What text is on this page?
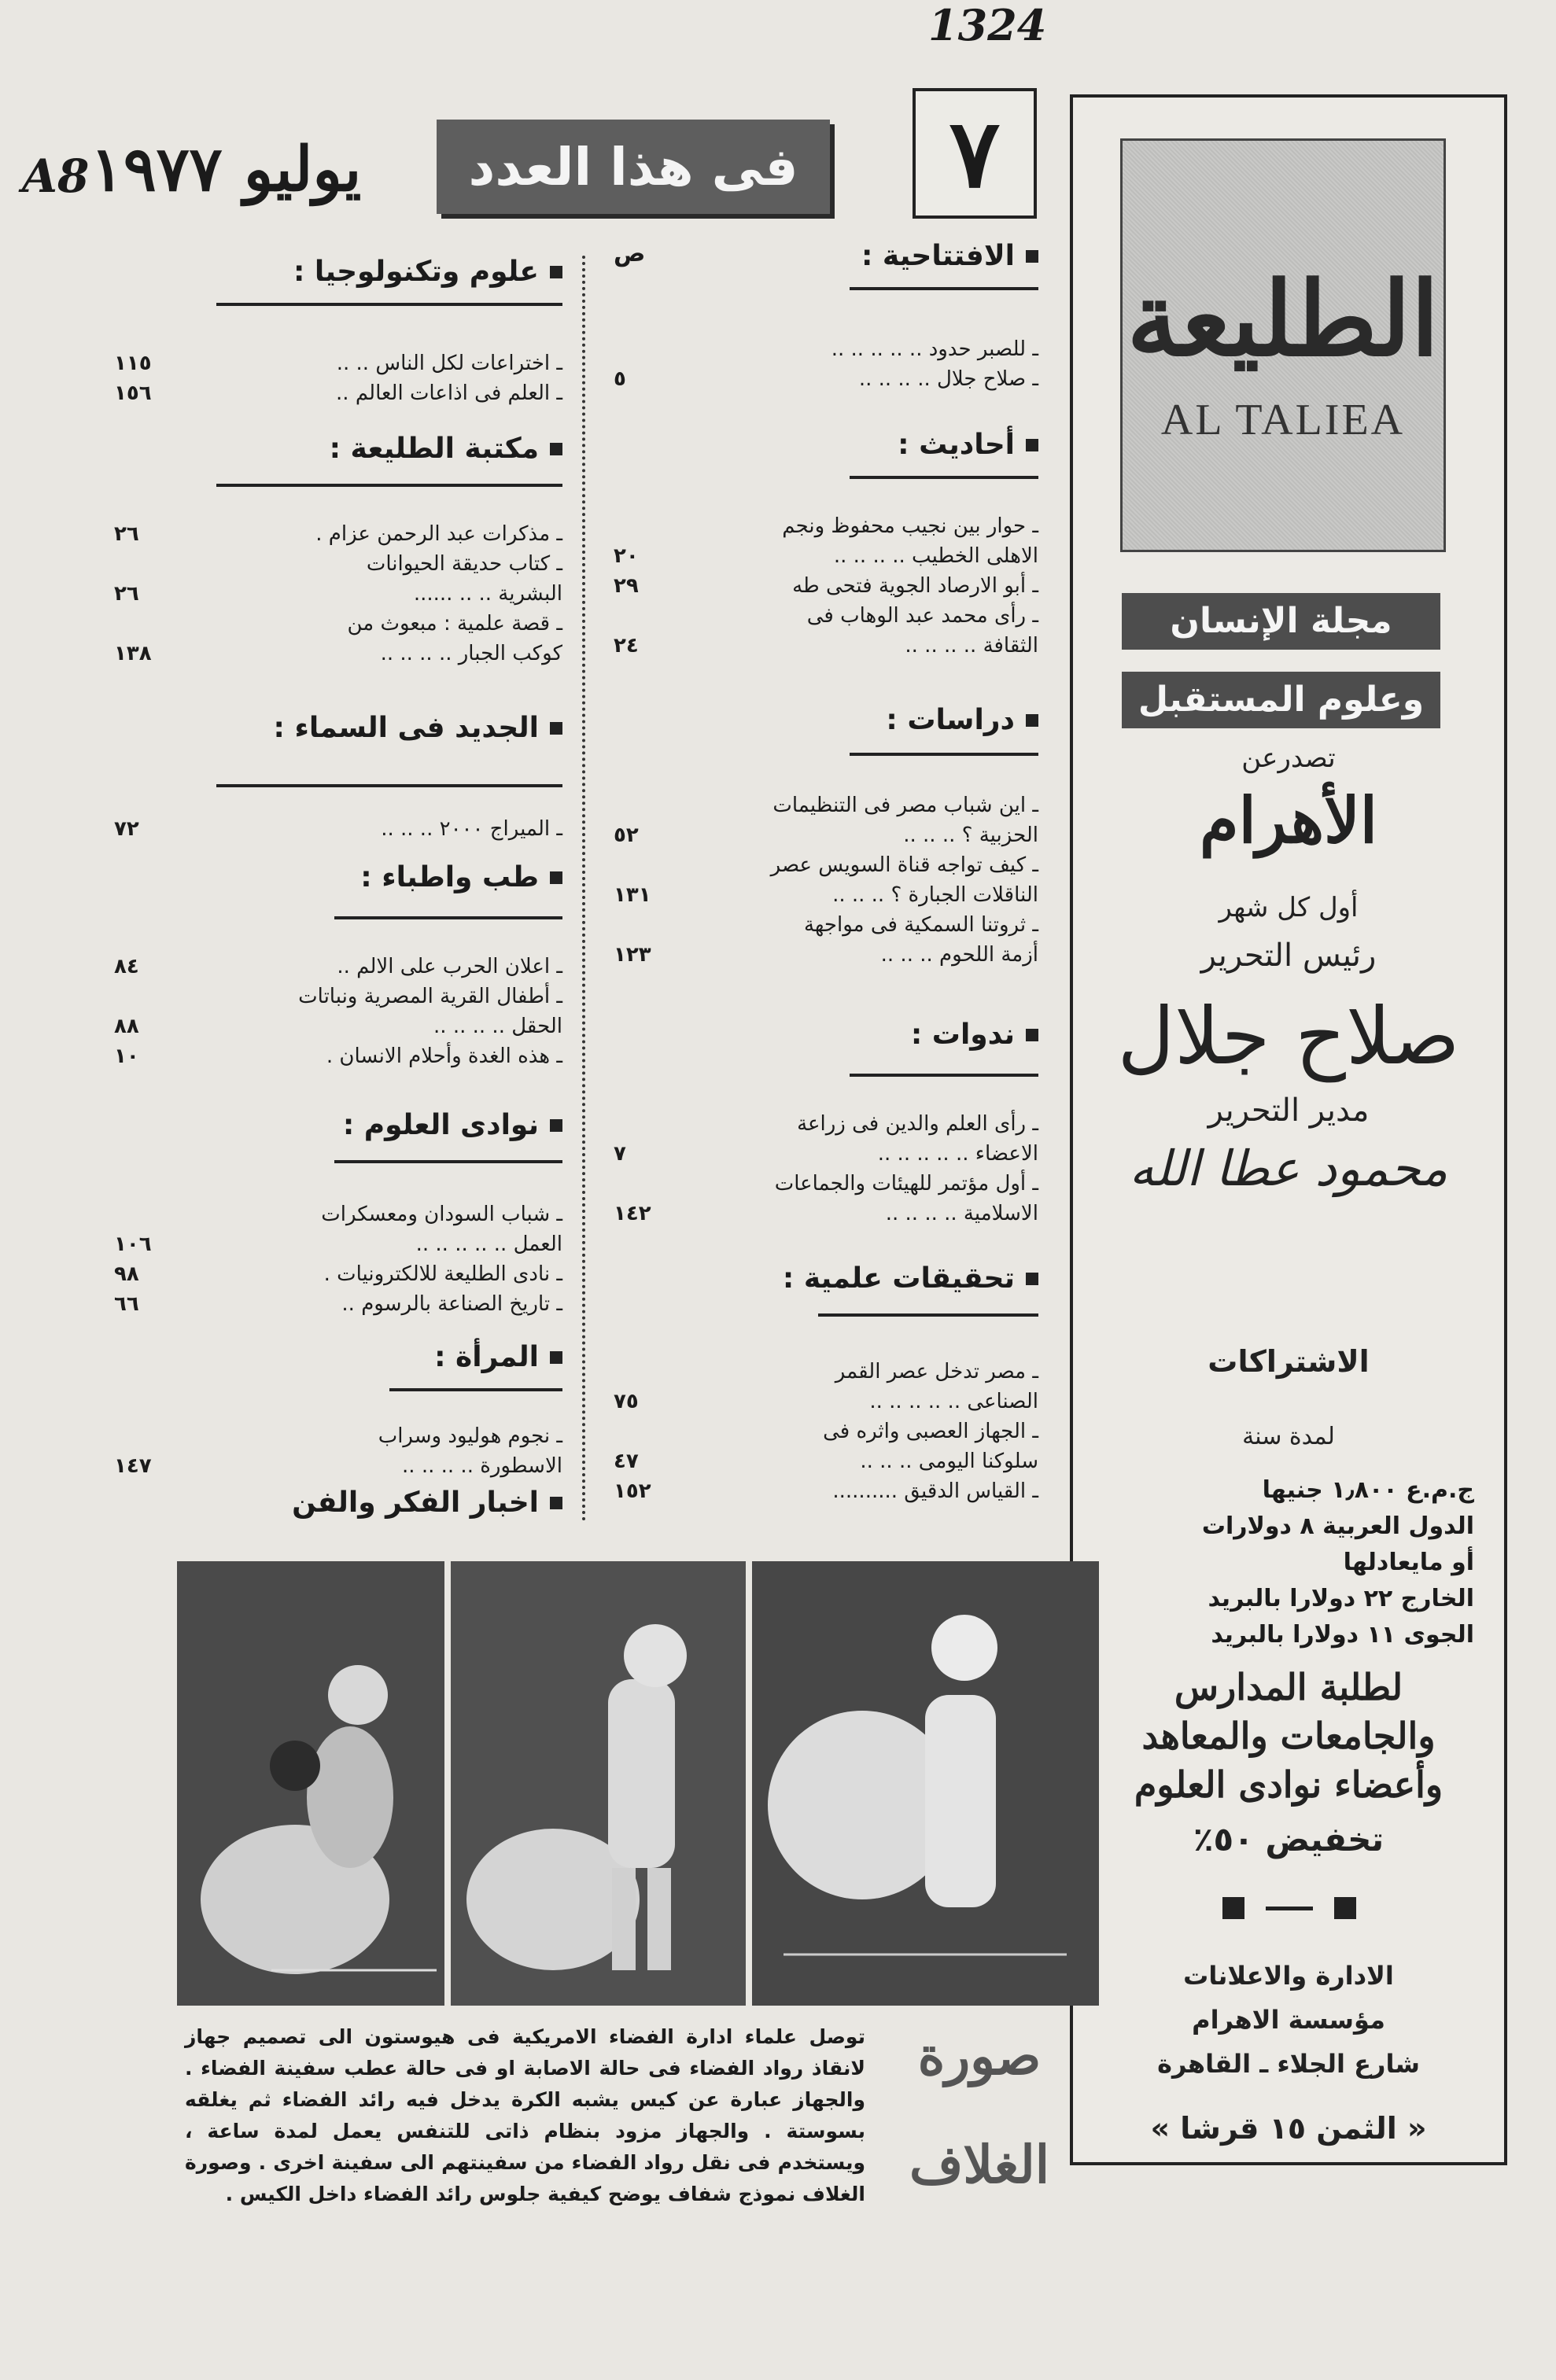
1324
A8	٧
فى هذا العدد
يوليو ١٩٧٧
الطليعة
AL TALIEA
مجلة الإنسان
وعلوم المستقبل
تصدرعن
الأهرام
أول كل شهر
رئيس التحرير
صلاح جلال
مدير التحرير
محمود عطا الله
الاشتراكات
لمدة سنة
ج.م.ع ١٫٨٠٠ جنيها
الدول العربية ٨ دولارات
أو مايعادلها
الخارج ٢٢ دولارا بالبريد
الجوى ١١ دولارا بالبريد
لطلبة المدارس
والجامعات والمعاهد
وأعضاء نوادى العلوم
تخفيض ٥٠٪
الادارة والاعلانات
مؤسسة الاهرام
شارع الجلاء ـ القاهرة
« الثمن ١٥ قرشا »
ص	الافتتاحية :
ـ للصبر حدود .. .. .. .. ..
ـ صلاح جلال .. .. .. ..
٥
أحاديث :
ـ حوار بين نجيب محفوظ ونجم
الاهلى الخطيب .. .. .. ..
٢٠
ـ أبو الارصاد الجوية فتحى طه
٢٩
ـ رأى محمد عبد الوهاب فى
الثقافة .. .. .. ..
٢٤
دراسات :
ـ اين شباب مصر فى التنظيمات
الحزبية ؟ .. .. ..
٥٢
ـ كيف تواجه قناة السويس عصر
الناقلات الجبارة ؟ .. .. ..
١٣١
ـ ثروتنا السمكية فى مواجهة
أزمة اللحوم .. .. ..
١٢٣
ندوات :
ـ رأى العلم والدين فى زراعة
الاعضاء .. .. .. .. ..
٧
ـ أول مؤتمر للهيئات والجماعات
الاسلامية .. .. .. ..
١٤٢
تحقيقات علمية :
ـ مصر تدخل عصر القمر
الصناعى .. .. .. .. ..
٧٥
ـ الجهاز العصبى واثره فى
سلوكنا اليومى .. .. ..
٤٧
ـ القياس الدقيق ..........
١٥٢
علوم وتكنولوجيا :
ـ اختراعات لكل الناس .. ..
١١٥
ـ العلم فى اذاعات العالم ..
١٥٦
مكتبة الطليعة :
ـ مذكرات عبد الرحمن عزام .
٢٦
ـ كتاب حديقة الحيوانات
البشرية .. .. ......
٢٦
ـ قصة علمية : مبعوث من
كوكب الجبار .. .. .. ..
١٣٨
الجديد فى السماء :
ـ الميراج ٢٠٠٠ .. .. ..
٧٢
طب واطباء :
ـ اعلان الحرب على الالم ..
٨٤
ـ أطفال القرية المصرية ونباتات
الحقل .. .. .. ..
٨٨
ـ هذه الغدة وأحلام الانسان .
١٠
نوادى العلوم :
ـ شباب السودان ومعسكرات
العمل .. .. .. .. ..
١٠٦
ـ نادى الطليعة للالكترونيات .
٩٨
ـ تاريخ الصناعة بالرسوم ..
٦٦
المرأة :
ـ نجوم هوليود وسراب
الاسطورة .. .. .. ..
١٤٧
اخبار الفكر والفن
صورة
الغلاف
توصل علماء ادارة الفضاء الامريكية فى هيوستون الى تصميم جهاز لانقاذ رواد الفضاء فى حالة الاصابة او فى حالة عطب سفينة الفضاء . والجهاز عبارة عن كيس يشبه الكرة يدخل فيه رائد الفضاء ثم يغلقه بسوستة . والجهاز مزود بنظام ذاتى للتنفس يعمل لمدة ساعة ، ويستخدم فى نقل رواد الفضاء من سفينتهم الى سفينة اخرى . وصورة الغلاف نموذج شفاف يوضح كيفية جلوس رائد الفضاء داخل الكيس .
